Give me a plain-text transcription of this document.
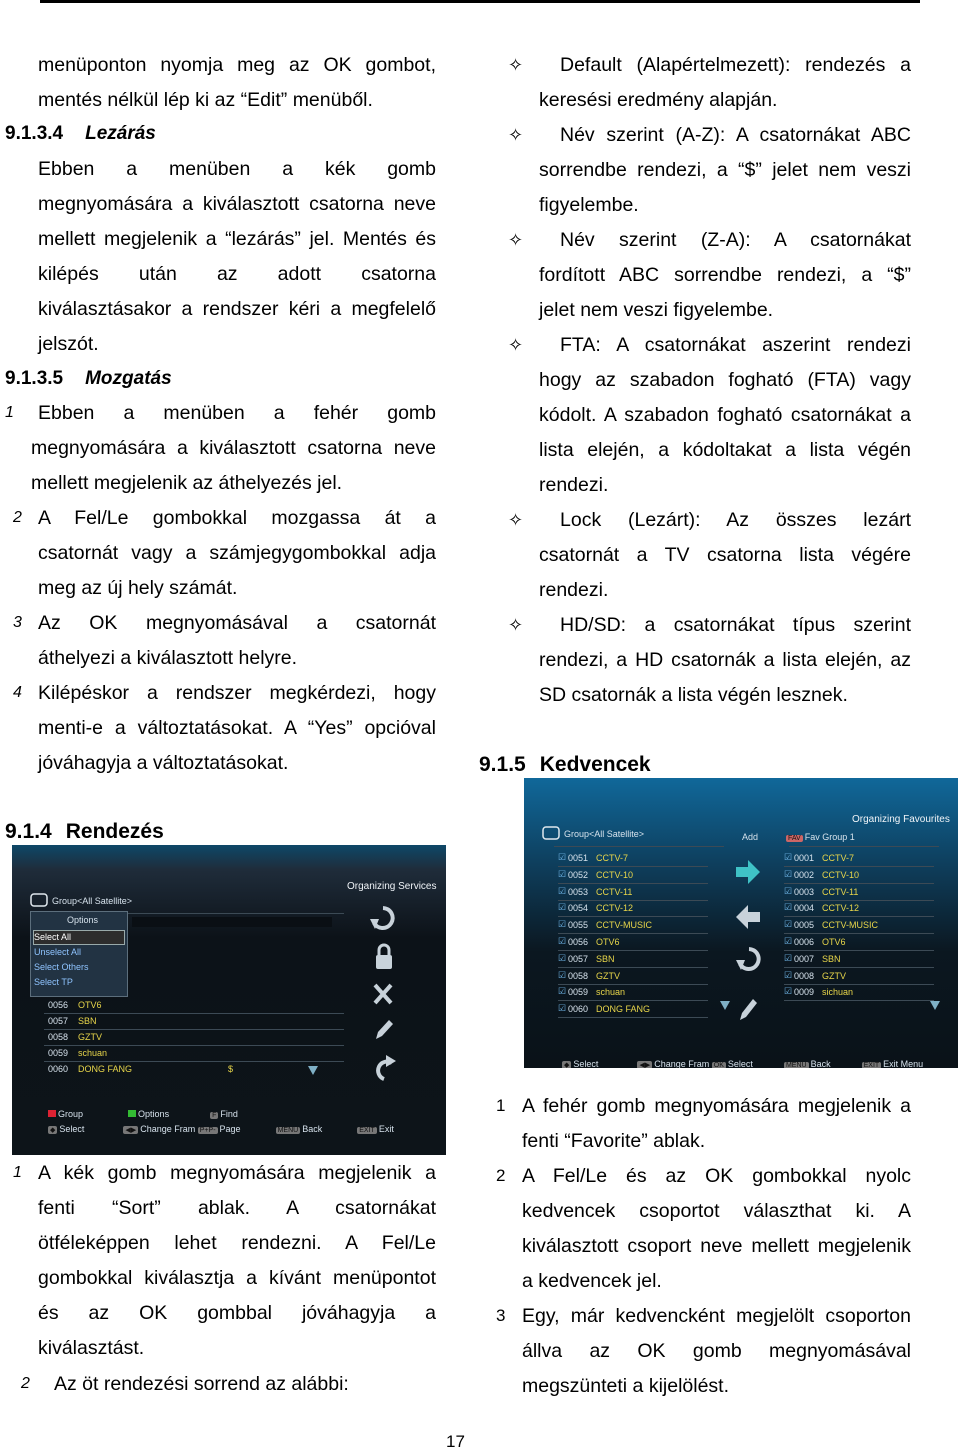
menüponton nyomja meg az OK gombot,
mentés nélkül lép ki az “Edit” menüből.
9.1.3.4 Lezárás
Ebben a menüben a kék gomb
megnyomására a kiválasztott csatorna neve
mellett megjelenik a “lezárás” jel. Mentés és
kilépés után az adott csatorna
kiválasztásakor a rendszer kéri a megfelelő
jelszót.
9.1.3.5 Mozgatás
1 Ebben a menüben a fehér gomb
megnyomására a kiválasztott csatorna neve
mellett megjelenik az áthelyezés jel.
2 A Fel/Le gombokkal mozgassa át a
csatornát vagy a számjegygombokkal adja
meg az új hely számát.
3 Az OK megnyomásával a csatornát
áthelyezi a kiválasztott helyre.
4 Kilépéskor a rendszer megkérdezi, hogy
menti-e a változtatásokat. A “Yes” opcióval
jóváhagyja a változtatásokat.
9.1.4 Rendezés
1 A kék gomb megnyomására megjelenik a
fenti “Sort” ablak. A csatornákat
ötféleképpen lehet rendezni. A Fel/Le
gombokkal kiválasztja a kívánt menüpontot
és az OK gombbal jóváhagyja a
kiválasztást.
2 Az öt rendezési sorrend az alábbi:
✧ Default (Alapértelmezett): rendezés a
keresési eredmény alapján.
✧ Név szerint (A-Z): A csatornákat ABC
sorrendbe rendezi, a “$” jelet nem veszi
figyelembe.
✧ Név szerint (Z-A): A csatornákat
fordított ABC sorrendbe rendezi, a “$”
jelet nem veszi figyelembe.
✧ FTA: A csatornákat aszerint rendezi
hogy az szabadon fogható (FTA) vagy
kódolt. A szabadon fogható csatornákat a
lista elején, a kódoltakat a lista végén
rendezi.
✧ Lock (Lezárt): Az összes lezárt
csatornát a TV csatorna lista végére
rendezi.
✧ HD/SD: a csatornákat típus szerint
rendezi, a HD csatornák a lista elején, az
SD csatornák a lista végén lesznek.
9.1.5 Kedvencek
1 A fehér gomb megnyomására megjelenik a
fenti “Favorite” ablak.
2 A Fel/Le és az OK gombokkal nyolc
kedvencek csoportot választhat ki. A
kiválasztott csoport neve mellett megjelenik
a kedvencek jel.
3 Egy, már kedvencként megjelölt csoporton
állva az OK gomb megnyomásával
megszünteti a kijelölést.
Organizing Services
Group<All Satellite>
Options
Select All
Unselect All
Select Others
Select TP
0056 OTV6
0057 SBN
0058 GZTV
0059 schuan
0060 DONG FANG	$
Group	Options	F Find
◆ Select	◀▶ Change Fram P+P- Page	MENU Back	EXIT Exit
Organizing Favourites
Group<All Satellite>	Add	FAV Fav Group 1
☑ 0051 CCTV-7
☑ 0052 CCTV-10
☑ 0053 CCTV-11
☑ 0054 CCTV-12
☑ 0055 CCTV-MUSIC
☑ 0056 OTV6
☑ 0057 SBN
☑ 0058 GZTV
☑ 0059 schuan
☑ 0060 DONG FANG
☑ 0001 CCTV-7
☑ 0002 CCTV-10
☑ 0003 CCTV-11
☑ 0004 CCTV-12
☑ 0005 CCTV-MUSIC
☑ 0006 OTV6
☑ 0007 SBN
☑ 0008 GZTV
☑ 0009 sichuan
◆ Select	◀▶ Change Fram OK Select	MENU Back	EXIT Exit Menu
17
